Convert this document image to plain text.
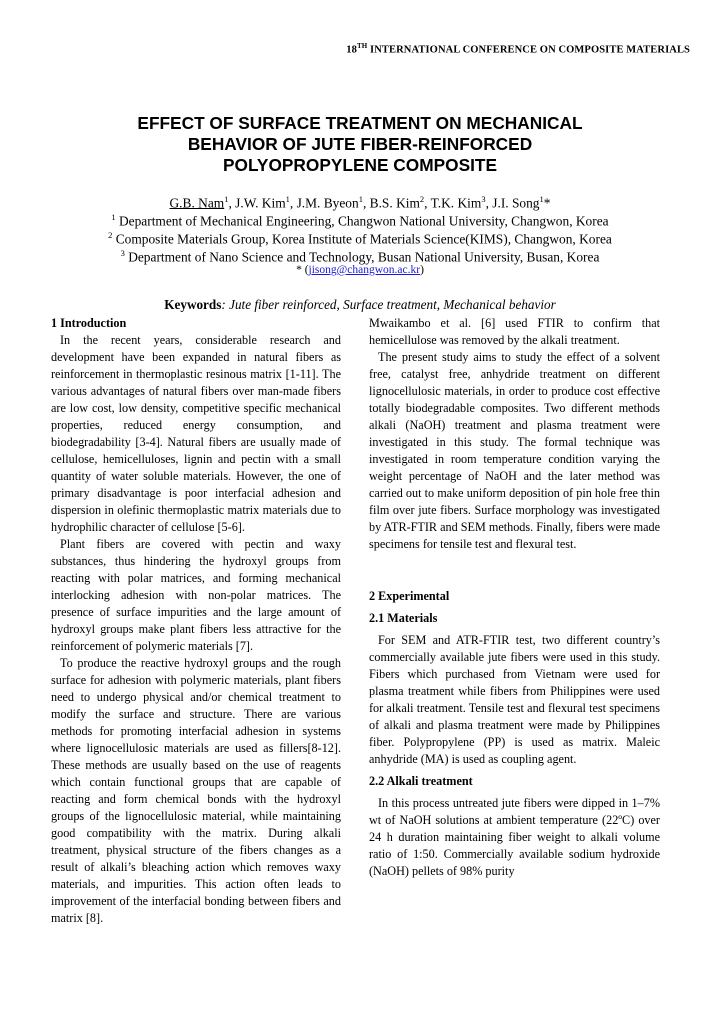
18TH INTERNATIONAL CONFERENCE ON COMPOSITE MATERIALS
EFFECT OF SURFACE TREATMENT ON MECHANICAL
BEHAVIOR OF JUTE FIBER-REINFORCED
POLYOPROPYLENE COMPOSITE
G.B. Nam$^1$, J.W. Kim$^1$, J.M. Byeon$^1$, B.S. Kim$^2$, T.K. Kim$^3$, J.I. Song$^1$*
$^1$ Department of Mechanical Engineering, Changwon National University, Changwon, Korea
$^2$ Composite Materials Group, Korea Institute of Materials Science(KIMS), Changwon, Korea
$^3$ Department of Nano Science and Technology, Busan National University, Busan, Korea
* (jisong@changwon.ac.kr)
Keywords: Jute fiber reinforced, Surface treatment, Mechanical behavior
1 Introduction

In the recent years, considerable research and development have been expanded in natural fibers as reinforcement in thermoplastic resinous matrix [1-11]. The various advantages of natural fibers over man-made fibers are low cost, low density, competitive specific mechanical properties, reduced energy consumption, and biodegradability [3-4]. Natural fibers are usually made of cellulose, hemicelluloses, lignin and pectin with a small quantity of water soluble materials. However, the one of primary disadvantage is poor interfacial adhesion and dispersion in olefinic thermoplastic matrix materials due to hydrophilic character of cellulose [5-6].

Plant fibers are covered with pectin and waxy substances, thus hindering the hydroxyl groups from reacting with polar matrices, and forming mechanical interlocking adhesion with non-polar matrices. The presence of surface impurities and the large amount of hydroxyl groups make plant fibers less attractive for the reinforcement of polymeric materials [7].

To produce the reactive hydroxyl groups and the rough surface for adhesion with polymeric materials, plant fibers need to undergo physical and/or chemical treatment to modify the surface and structure. There are various methods for promoting interfacial adhesion in systems where lignocellulosic materials are used as fillers[8-12]. These methods are usually based on the use of reagents which contain functional groups that are capable of reacting and form chemical bonds with the hydroxyl groups of the lignocellulosic material, while maintaining good compatibility with the matrix. During alkali treatment, physical structure of the fibers changes as a result of alkali’s bleaching action which removes waxy materials, and impurities. This action often leads to improvement of the interfacial bonding between fibers and matrix [8].

Mwaikambo et al. [6] used FTIR to confirm that hemicellulose was removed by the alkali treatment.

The present study aims to study the effect of a solvent free, catalyst free, anhydride treatment on different lignocellulosic materials, in order to produce cost effective totally biodegradable composites. Two different methods alkali (NaOH) treatment and plasma treatment were investigated in this study. The formal technique was investigated in room temperature condition varying the weight percentage of NaOH and the later method was carried out to make uniform deposition of pin hole free thin film over jute fibers. Surface morphology was investigated by ATR-FTIR and SEM methods. Finally, fibers were made specimens for tensile test and flexural test.

2 Experimental
2.1 Materials

For SEM and ATR-FTIR test, two different country’s commercially available jute fibers were used in this study. Fibers which purchased from Vietnam were used for plasma treatment while fibers from Philippines were used for alkali treatment. Tensile test and flexural test specimens of alkali and plasma treatment were made by Philippines fiber. Polypropylene (PP) is used as matrix. Maleic anhydride (MA) is used as coupling agent.

2.2 Alkali treatment

In this process untreated jute fibers were dipped in 1–7% wt of NaOH solutions at ambient temperature (22ºC) over 24 h duration maintaining fiber weight to alkali volume ratio of 1:50. Commercially available sodium hydroxide (NaOH) pellets of 98% purity
